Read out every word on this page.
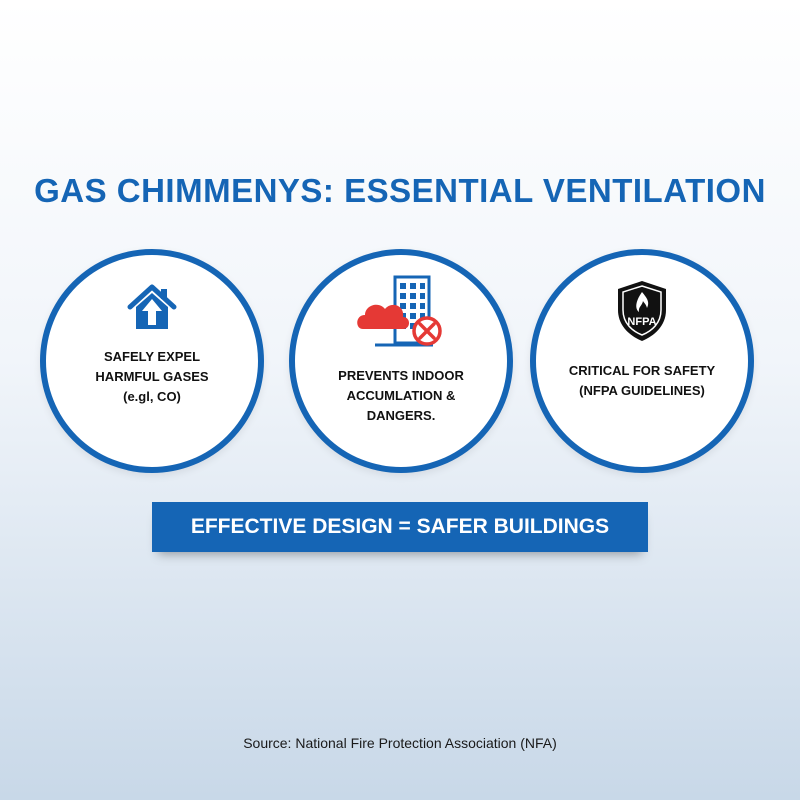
GAS CHIMMENYS: ESSENTIAL VENTILATION
SAFELY EXPEL
HARMFUL GASES
(e.gl, CO)
PREVENTS INDOOR
ACCUMLATION &
DANGERS.
NFPA
CRITICAL FOR SAFETY
(NFPA GUIDELINES)
EFFECTIVE DESIGN = SAFER BUILDINGS
Source: National Fire Protection Association (NFA)
